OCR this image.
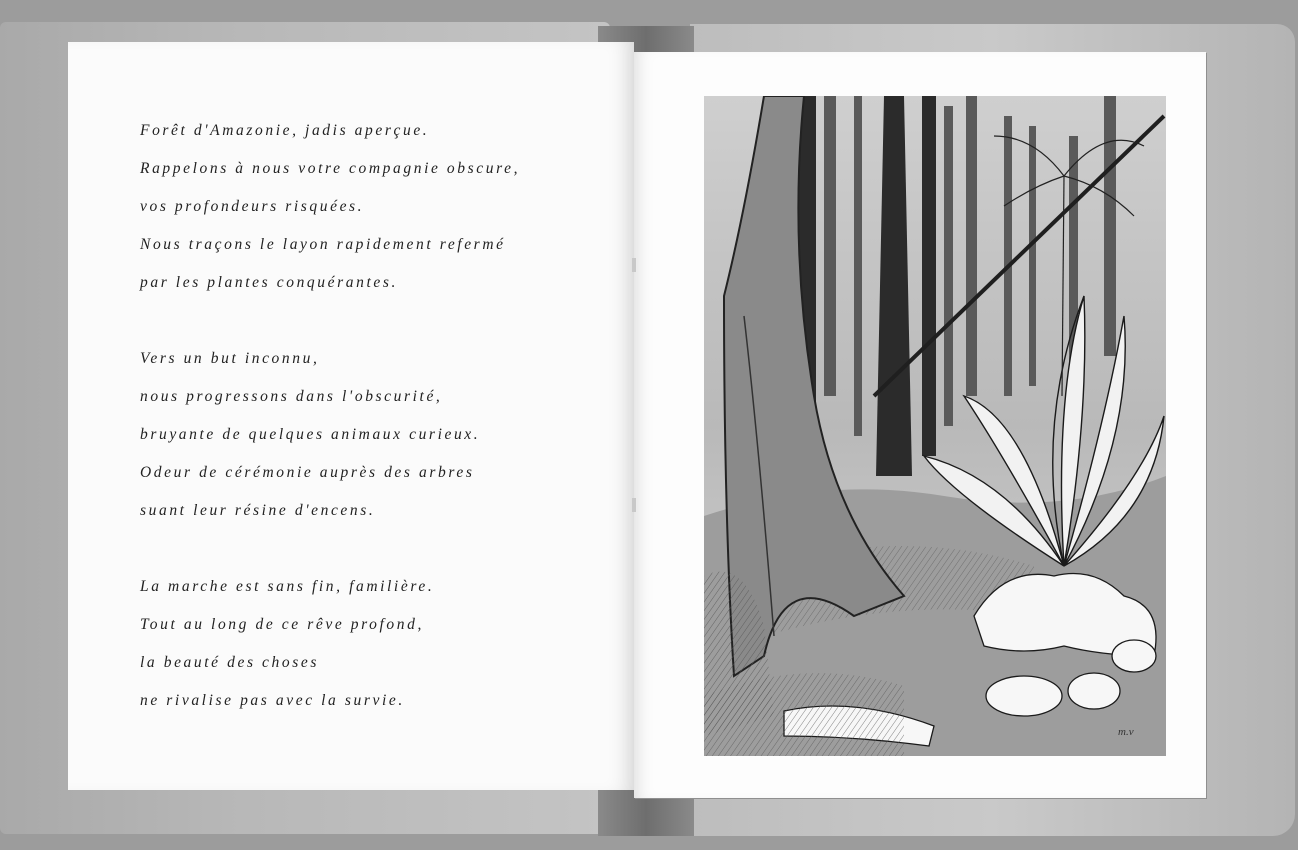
Forêt d'Amazonie, jadis aperçue.
Rappelons à nous votre compagnie obscure,
vos profondeurs risquées.
Nous traçons le layon rapidement refermé
par les plantes conquérantes.
Vers un but inconnu,
nous progressons dans l'obscurité,
bruyante de quelques animaux curieux.
Odeur de cérémonie auprès des arbres
suant leur résine d'encens.
La marche est sans fin, familière.
Tout au long de ce rêve profond,
la beauté des choses
ne rivalise pas avec la survie.
m.v
